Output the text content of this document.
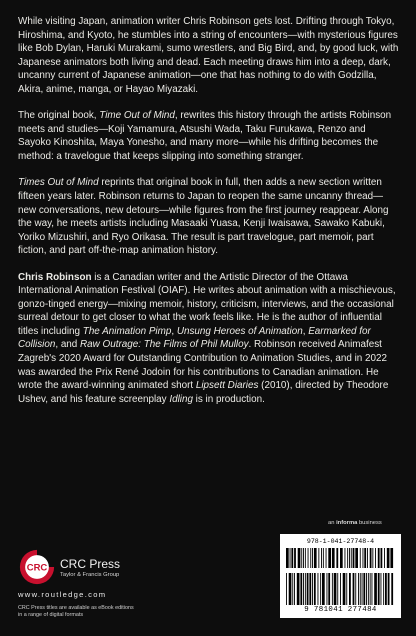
While visiting Japan, animation writer Chris Robinson gets lost. Drifting through Tokyo, Hiroshima, and Kyoto, he stumbles into a string of encounters—with mysterious figures like Bob Dylan, Haruki Murakami, sumo wrestlers, and Big Bird, and, by good luck, with Japanese animators both living and dead. Each meeting draws him into a deep, dark, uncanny current of Japanese animation—one that has nothing to do with Godzilla, Akira, anime, manga, or Hayao Miyazaki.

The original book, Time Out of Mind, rewrites this history through the artists Robinson meets and studies—Koji Yamamura, Atsushi Wada, Taku Furukawa, Renzo and Sayoko Kinoshita, Maya Yonesho, and many more—while his drifting becomes the method: a travelogue that keeps slipping into something stranger.

Times Out of Mind reprints that original book in full, then adds a new section written fifteen years later. Robinson returns to Japan to reopen the same uncanny thread—new conversations, new detours—while figures from the first journey reappear. Along the way, he meets artists including Masaaki Yuasa, Kenji Iwaisawa, Sawako Kabuki, Yoriko Mizushiri, and Ryo Orikasa. The result is part travelogue, part memoir, part fiction, and part off-the-map animation history.

Chris Robinson is a Canadian writer and the Artistic Director of the Ottawa International Animation Festival (OIAF). He writes about animation with a mischievous, gonzo-tinged energy—mixing memoir, history, criticism, interviews, and the occasional surreal detour to get closer to what the work feels like. He is the author of influential titles including The Animation Pimp, Unsung Heroes of Animation, Earmarked for Collision, and Raw Outrage: The Films of Phil Mulloy. Robinson received Animafest Zagreb's 2020 Award for Outstanding Contribution to Animation Studies, and in 2022 was awarded the Prix René Jodoin for his contributions to Canadian animation. He wrote the award-winning animated short Lipsett Diaries (2010), directed by Theodore Ushev, and his feature screenplay Idling is in production.

an informa business
CRC CRC Press
Taylor & Francis Group
www.routledge.com
CRC Press titles are available as eBook editions in a range of digital formats
978-1-041-27748-4
9 781041 277484
